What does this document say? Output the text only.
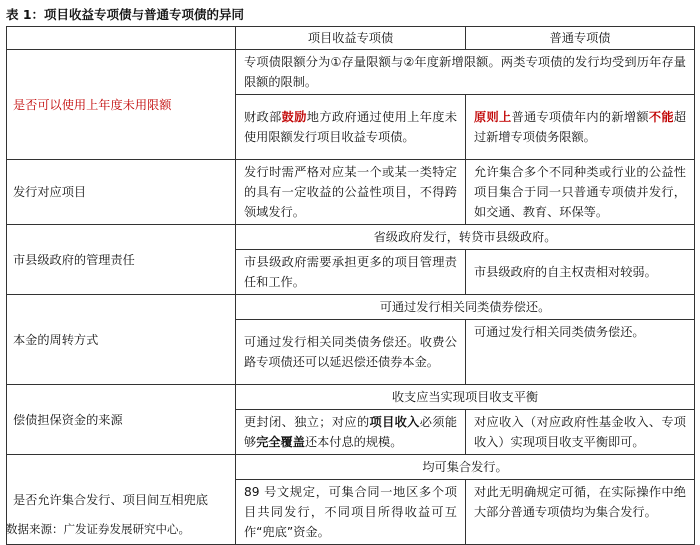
表 1：项目收益专项债与普通专项债的异同
	项目收益专项债	普通专项债
是否可以使用上年度未用限额	专项债限额分为①存量限额与②年度新增限额。两类专项债的发行均受到历年存量限额的限制。	
	财政部鼓励地方政府通过使用上年度未使用限额发行项目收益专项债。	原则上普通专项债年内的新增额不能超过新增专项债务限额。
发行对应项目	发行时需严格对应某一个或某一类特定的具有一定收益的公益性项目，不得跨领域发行。	允许集合多个不同种类或行业的公益性项目集合于同一只普通专项债并发行，如交通、教育、环保等。
市县级政府的管理责任	省级政府发行，转贷市县级政府。	
	市县级政府需要承担更多的项目管理责任和工作。	市县级政府的自主权责相对较弱。
本金的周转方式	可通过发行相关同类债券偿还。	
	可通过发行相关同类债务偿还。收费公路专项债还可以延迟偿还债券本金。	可通过发行相关同类债务偿还。
偿债担保资金的来源	收支应当实现项目收支平衡	
	更封闭、独立；对应的项目收入必须能够完全覆盖还本付息的规模。	对应收入（对应政府性基金收入、专项收入）实现项目收支平衡即可。
是否允许集合发行、项目间互相兜底	均可集合发行。	
	89 号文规定，可集合同一地区多个项目共同发行，不同项目所得收益可互作“兜底”资金。	对此无明确规定可循，在实际操作中绝大部分普通专项债均为集合发行。
数据来源：广发证券发展研究中心。
